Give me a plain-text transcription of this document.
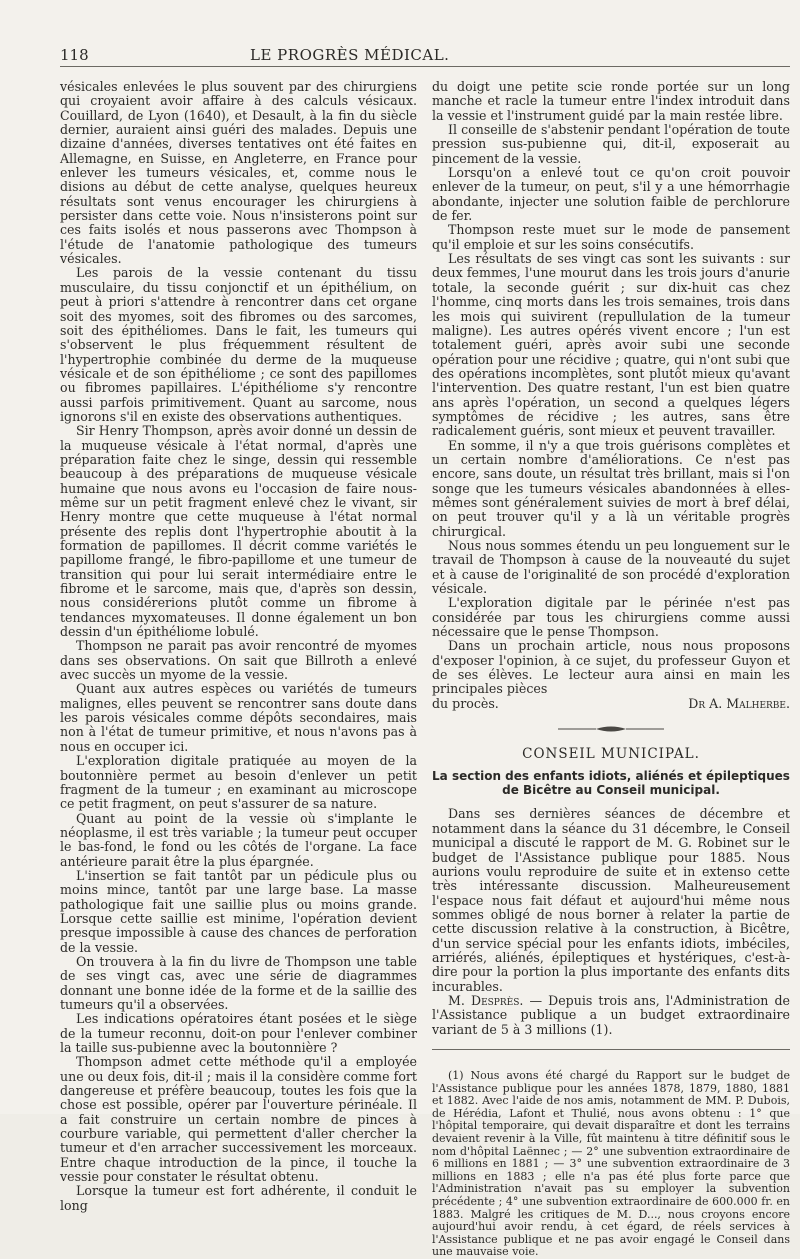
118	LE PROGRÈS MÉDICAL.

vésicales enlevées le plus souvent par des chirurgiens qui croyaient avoir affaire à des calculs vésicaux. Couillard, de Lyon (1640), et Desault, à la fin du siècle dernier, auraient ainsi guéri des malades. Depuis une dizaine d'années, diverses tentatives ont été faites en Allemagne, en Suisse, en Angleterre, en France pour enlever les tumeurs vésicales, et, comme nous le disions au début de cette analyse, quelques heureux résultats sont venus encourager les chirurgiens à persister dans cette voie. Nous n'insisterons point sur ces faits isolés et nous passerons avec Thompson à l'étude de l'anatomie pathologique des tumeurs vésicales.

Les parois de la vessie contenant du tissu musculaire, du tissu conjonctif et un épithélium, on peut à priori s'attendre à rencontrer dans cet organe soit des myomes, soit des fibromes ou des sarcomes, soit des épithéliomes. Dans le fait, les tumeurs qui s'observent le plus fréquemment résultent de l'hypertrophie combinée du derme de la muqueuse vésicale et de son épithéliome ; ce sont des papillomes ou fibromes papillaires. L'épithéliome s'y rencontre aussi parfois primitivement. Quant au sarcome, nous ignorons s'il en existe des observations authentiques.

Sir Henry Thompson, après avoir donné un dessin de la muqueuse vésicale à l'état normal, d'après une préparation faite chez le singe, dessin qui ressemble beaucoup à des préparations de muqueuse vésicale humaine que nous avons eu l'occasion de faire nous-même sur un petit fragment enlevé chez le vivant, sir Henry montre que cette muqueuse à l'état normal présente des replis dont l'hypertrophie aboutit à la formation de papillomes. Il décrit comme variétés le papillome frangé, le fibro-papillome et une tumeur de transition qui pour lui serait intermédiaire entre le fibrome et le sarcome, mais que, d'après son dessin, nous considérerions plutôt comme un fibrome à tendances myxomateuses. Il donne également un bon dessin d'un épithéliome lobulé.

Thompson ne parait pas avoir rencontré de myomes dans ses observations. On sait que Billroth a enlevé avec succès un myome de la vessie.

Quant aux autres espèces ou variétés de tumeurs malignes, elles peuvent se rencontrer sans doute dans les parois vésicales comme dépôts secondaires, mais non à l'état de tumeur primitive, et nous n'avons pas à nous en occuper ici.

L'exploration digitale pratiquée au moyen de la boutonnière permet au besoin d'enlever un petit fragment de la tumeur ; en examinant au microscope ce petit fragment, on peut s'assurer de sa nature.

Quant au point de la vessie où s'implante le néoplasme, il est très variable ; la tumeur peut occuper le bas-fond, le fond ou les côtés de l'organe. La face antérieure parait être la plus épargnée.

L'insertion se fait tantôt par un pédicule plus ou moins mince, tantôt par une large base. La masse pathologique fait une saillie plus ou moins grande. Lorsque cette saillie est minime, l'opération devient presque impossible à cause des chances de perforation de la vessie.

On trouvera à la fin du livre de Thompson une table de ses vingt cas, avec une série de diagrammes donnant une bonne idée de la forme et de la saillie des tumeurs qu'il a observées.

Les indications opératoires étant posées et le siège de la tumeur reconnu, doit-on pour l'enlever combiner la taille sus-pubienne avec la boutonnière ?

Thompson admet cette méthode qu'il a employée une ou deux fois, dit-il ; mais il la considère comme fort dangereuse et préfère beaucoup, toutes les fois que la chose est possible, opérer par l'ouverture périnéale. Il a fait construire un certain nombre de pinces à courbure variable, qui permettent d'aller chercher la tumeur et d'en arracher successivement les morceaux. Entre chaque introduction de la pince, il touche la vessie pour constater le résultat obtenu.

Lorsque la tumeur est fort adhérente, il conduit le long

du doigt une petite scie ronde portée sur un long manche et racle la tumeur entre l'index introduit dans la vessie et l'instrument guidé par la main restée libre.

Il conseille de s'abstenir pendant l'opération de toute pression sus-pubienne qui, dit-il, exposerait au pincement de la vessie.

Lorsqu'on a enlevé tout ce qu'on croit pouvoir enlever de la tumeur, on peut, s'il y a une hémorrhagie abondante, injecter une solution faible de perchlorure de fer.

Thompson reste muet sur le mode de pansement qu'il emploie et sur les soins consécutifs.

Les résultats de ses vingt cas sont les suivants : sur deux femmes, l'une mourut dans les trois jours d'anurie totale, la seconde guérit ; sur dix-huit cas chez l'homme, cinq morts dans les trois semaines, trois dans les mois qui suivirent (repullulation de la tumeur maligne). Les autres opérés vivent encore ; l'un est totalement guéri, après avoir subi une seconde opération pour une récidive ; quatre, qui n'ont subi que des opérations incomplètes, sont plutôt mieux qu'avant l'intervention. Des quatre restant, l'un est bien quatre ans après l'opération, un second a quelques légers symptômes de récidive ; les autres, sans être radicalement guéris, sont mieux et peuvent travailler.

En somme, il n'y a que trois guérisons complètes et un certain nombre d'améliorations. Ce n'est pas encore, sans doute, un résultat très brillant, mais si l'on songe que les tumeurs vésicales abandonnées à elles-mêmes sont généralement suivies de mort à bref délai, on peut trouver qu'il y a là un véritable progrès chirurgical.

Nous nous sommes étendu un peu longuement sur le travail de Thompson à cause de la nouveauté du sujet et à cause de l'originalité de son procédé d'exploration vésicale.

L'exploration digitale par le périnée n'est pas considérée par tous les chirurgiens comme aussi nécessaire que le pense Thompson.

Dans un prochain article, nous nous proposons d'exposer l'opinion, à ce sujet, du professeur Guyon et de ses élèves. Le lecteur aura ainsi en main les principales pièces

du procès.	Dr A. Malherbe.
CONSEIL MUNICIPAL.
La section des enfants idiots, aliénés et épileptiques
de Bicêtre au Conseil municipal.

Dans ses dernières séances de décembre et notamment dans la séance du 31 décembre, le Conseil municipal a discuté le rapport de M. G. Robinet sur le budget de l'Assistance publique pour 1885. Nous aurions voulu reproduire de suite et in extenso cette très intéressante discussion. Malheureusement l'espace nous fait défaut et aujourd'hui même nous sommes obligé de nous borner à relater la partie de cette discussion relative à la construction, à Bicêtre, d'un service spécial pour les enfants idiots, imbéciles, arriérés, aliénés, épileptiques et hystériques, c'est-à-dire pour la portion la plus importante des enfants dits incurables.

M. Desprès. — Depuis trois ans, l'Administration de l'Assistance publique a un budget extraordinaire variant de 5 à 3 millions (1).

(1) Nous avons été chargé du Rapport sur le budget de l'Assistance publique pour les années 1878, 1879, 1880, 1881 et 1882. Avec l'aide de nos amis, notamment de MM. P. Dubois, de Hérédia, Lafont et Thulié, nous avons obtenu : 1° que l'hôpital temporaire, qui devait disparaître et dont les terrains devaient revenir à la Ville, fût maintenu à titre définitif sous le nom d'hôpital Laënnec ; — 2° une subvention extraordinaire de 6 millions en 1881 ; — 3° une subvention extraordinaire de 3 millions en 1883 ; elle n'a pas été plus forte parce que l'Administration n'avait pas su employer la subvention précédente ; 4° une subvention extraordinaire de 600.000 fr. en 1883. Malgré les critiques de M. D..., nous croyons encore aujourd'hui avoir rendu, à cet égard, de réels services à l'Assistance publique et ne pas avoir engagé le Conseil dans une mauvaise voie.
